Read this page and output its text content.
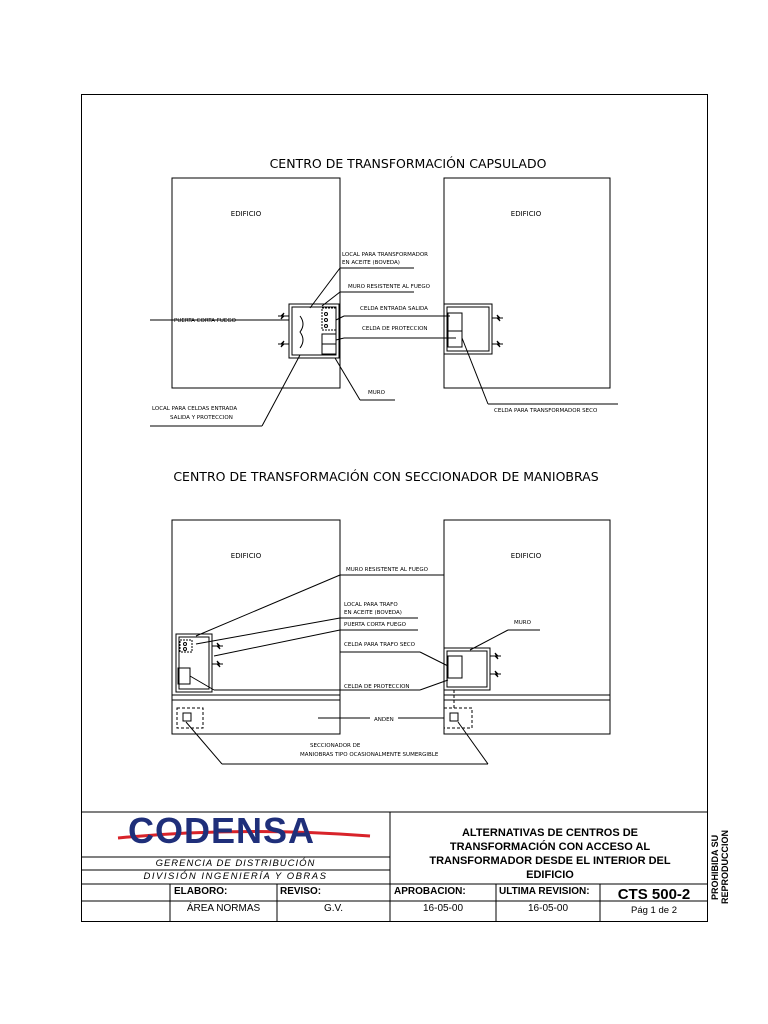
CENTRO DE TRANSFORMACIÓN CAPSULADO
EDIFICIO	EDIFICIO
LOCAL PARA TRANSFORMADOR
EN ACEITE (BOVEDA)
MURO RESISTENTE AL FUEGO
PUERTA CORTA FUEGO
CELDA ENTRADA SALIDA
CELDA DE PROTECCION
MURO
LOCAL PARA CELDAS ENTRADA
SALIDA Y PROTECCION
CELDA PARA TRANSFORMADOR SECO
CENTRO DE TRANSFORMACIÓN CON SECCIONADOR DE MANIOBRAS
EDIFICIO	EDIFICIO
MURO RESISTENTE AL FUEGO
LOCAL PARA TRAFO
EN ACEITE (BOVEDA)
PUERTA CORTA FUEGO	MURO
CELDA PARA TRAFO SECO
CELDA DE PROTECCION
ANDEN
SECCIONADOR DE
MANIOBRAS TIPO OCASIONALMENTE SUMERGIBLE
CODENSA
GERENCIA DE DISTRIBUCIÓN
DIVISIÓN INGENIERÍA Y OBRAS
ALTERNATIVAS DE CENTROS DE TRANSFORMACIÓN CON ACCESO AL TRANSFORMADOR DESDE EL INTERIOR DEL EDIFICIO
ELABORO:	REVISO:	APROBACION:	ULTIMA REVISION:
ÁREA NORMAS	G.V.	16-05-00	16-05-00
CTS 500-2
Pág 1 de 2
PROHIBIDA SU REPRODUCCION
